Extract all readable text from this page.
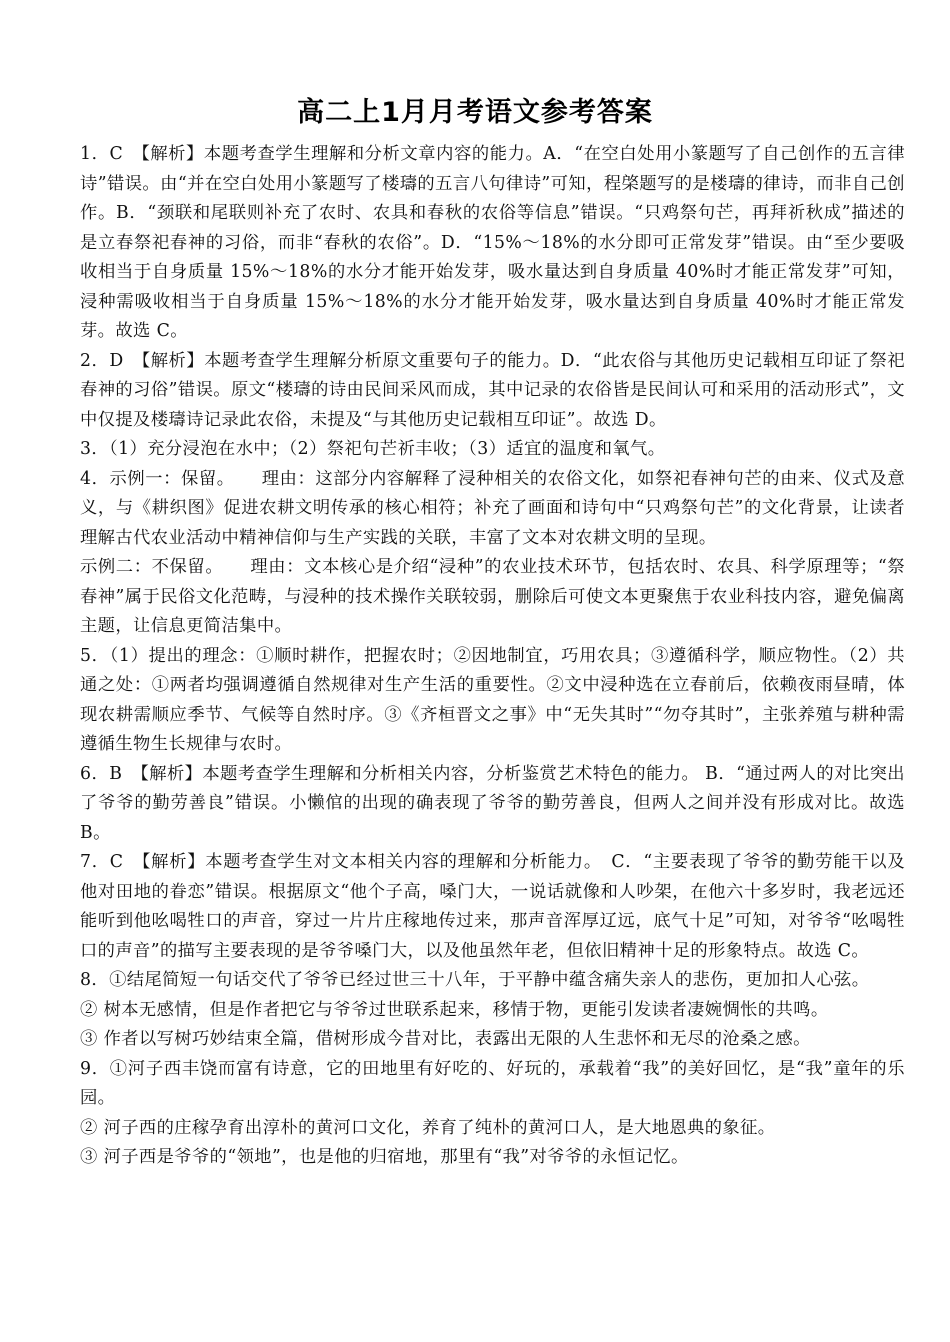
高二上1月月考语文参考答案

1．C　【解析】本题考查学生理解和分析文章内容的能力。A．“在空白处用小篆题写了自己创作的五言律诗”错误。由“并在空白处用小篆题写了楼璹的五言八句律诗”可知，程棨题写的是楼璹的律诗，而非自己创作。B．“颈联和尾联则补充了农时、农具和春秋的农俗等信息”错误。“只鸡祭句芒，再拜祈秋成”描述的是立春祭祀春神的习俗，而非“春秋的农俗”。D．“15%～18%的水分即可正常发芽”错误。由“至少要吸收相当于自身质量 15%～18%的水分才能开始发芽，吸水量达到自身质量 40%时才能正常发芽”可知，浸种需吸收相当于自身质量 15%～18%的水分才能开始发芽，吸水量达到自身质量 40%时才能正常发芽。故选 C。

2．D　【解析】本题考查学生理解分析原文重要句子的能力。D．“此农俗与其他历史记载相互印证了祭祀春神的习俗”错误。原文“楼璹的诗由民间采风而成，其中记录的农俗皆是民间认可和采用的活动形式”，文中仅提及楼璹诗记录此农俗，未提及“与其他历史记载相互印证”。故选 D。

3．（1）充分浸泡在水中；（2）祭祀句芒祈丰收；（3）适宜的温度和氧气。

4．示例一：保留。　　理由：这部分内容解释了浸种相关的农俗文化，如祭祀春神句芒的由来、仪式及意义，与《耕织图》促进农耕文明传承的核心相符；补充了画面和诗句中“只鸡祭句芒”的文化背景，让读者理解古代农业活动中精神信仰与生产实践的关联，丰富了文本对农耕文明的呈现。

示例二：不保留。　　理由：文本核心是介绍“浸种”的农业技术环节，包括农时、农具、科学原理等；“祭春神”属于民俗文化范畴，与浸种的技术操作关联较弱，删除后可使文本更聚焦于农业科技内容，避免偏离主题，让信息更简洁集中。

5．（1）提出的理念：①顺时耕作，把握农时；②因地制宜，巧用农具；③遵循科学，顺应物性。（2）共通之处：①两者均强调遵循自然规律对生产生活的重要性。②文中浸种选在立春前后，依赖夜雨昼晴，体现农耕需顺应季节、气候等自然时序。③《齐桓晋文之事》中“无失其时”“勿夺其时”，主张养殖与耕种需遵循生物生长规律与农时。

6．B　【解析】本题考查学生理解和分析相关内容，分析鉴赏艺术特色的能力。 B．“通过两人的对比突出了爷爷的勤劳善良”错误。小懒倌的出现的确表现了爷爷的勤劳善良，但两人之间并没有形成对比。故选 B。

7．C　【解析】本题考查学生对文本相关内容的理解和分析能力。　C．“主要表现了爷爷的勤劳能干以及他对田地的眷恋”错误。根据原文“他个子高，嗓门大，一说话就像和人吵架，在他六十多岁时，我老远还能听到他吆喝牲口的声音，穿过一片片庄稼地传过来，那声音浑厚辽远，底气十足”可知，对爷爷“吆喝牲口的声音”的描写主要表现的是爷爷嗓门大，以及他虽然年老，但依旧精神十足的形象特点。故选 C。

8．①结尾简短一句话交代了爷爷已经过世三十八年，于平静中蕴含痛失亲人的悲伤，更加扣人心弦。

② 树本无感情，但是作者把它与爷爷过世联系起来，移情于物，更能引发读者凄婉惆怅的共鸣。

③ 作者以写树巧妙结束全篇，借树形成今昔对比，表露出无限的人生悲怀和无尽的沧桑之感。

9．①河子西丰饶而富有诗意，它的田地里有好吃的、好玩的，承载着“我”的美好回忆，是“我”童年的乐园。

② 河子西的庄稼孕育出淳朴的黄河口文化，养育了纯朴的黄河口人，是大地恩典的象征。

③ 河子西是爷爷的“领地”，也是他的归宿地，那里有“我”对爷爷的永恒记忆。
